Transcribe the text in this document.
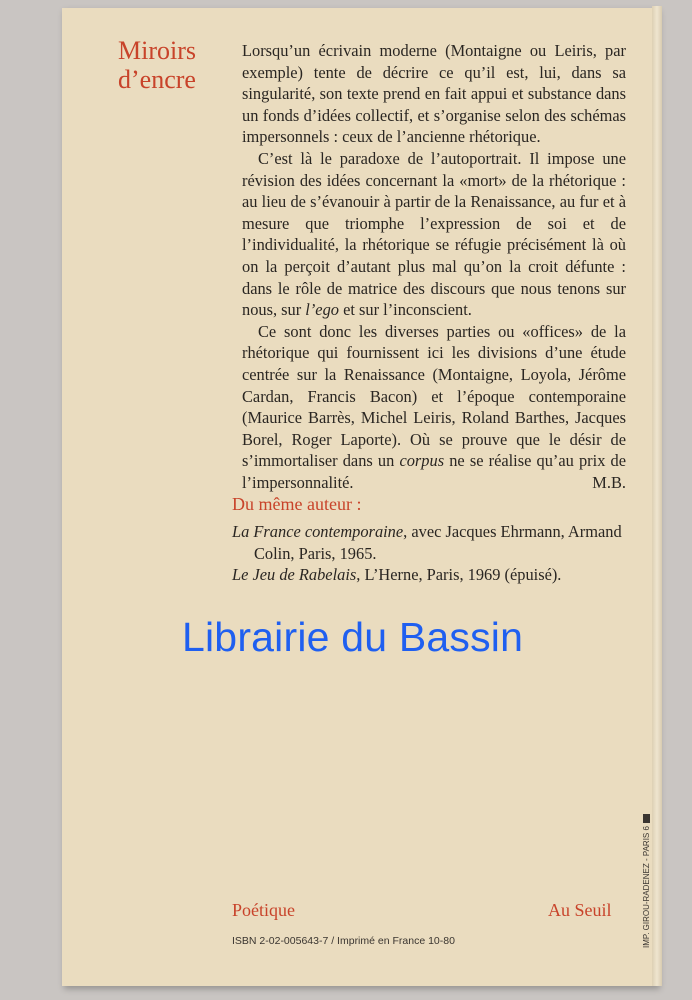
Miroirs
d’encre

Lorsqu’un écrivain moderne (Montaigne ou Leiris, par exemple) tente de décrire ce qu’il est, lui, dans sa singularité, son texte prend en fait appui et substance dans un fonds d’idées collectif, et s’organise selon des schémas impersonnels : ceux de l’ancienne rhétorique.

C’est là le paradoxe de l’autoportrait. Il impose une révision des idées concernant la «mort» de la rhétorique : au lieu de s’évanouir à partir de la Renaissance, au fur et à mesure que triomphe l’expression de soi et de l’individualité, la rhétorique se réfugie précisément là où on la perçoit d’autant plus mal qu’on la croit défunte : dans le rôle de matrice des discours que nous tenons sur nous, sur l’ego et sur l’inconscient.

Ce sont donc les diverses parties ou «offices» de la rhétorique qui fournissent ici les divisions d’une étude centrée sur la Renaissance (Montaigne, Loyola, Jérôme Cardan, Francis Bacon) et l’époque contemporaine (Maurice Barrès, Michel Leiris, Roland Barthes, Jacques Borel, Roger Laporte). Où se prouve que le désir de s’immortaliser dans un corpus ne se réalise qu’au prix de l’impersonnalité.	M.B.

Du même auteur :
La France contemporaine, avec Jacques Ehrmann, Armand Colin, Paris, 1965.
Le Jeu de Rabelais, L’Herne, Paris, 1969 (épuisé).
Librairie du Bassin
Poétique	Au Seuil
ISBN 2-02-005643-7 / Imprimé en France 10-80	IMP. GIROU-RADENEZ - PARIS 6
